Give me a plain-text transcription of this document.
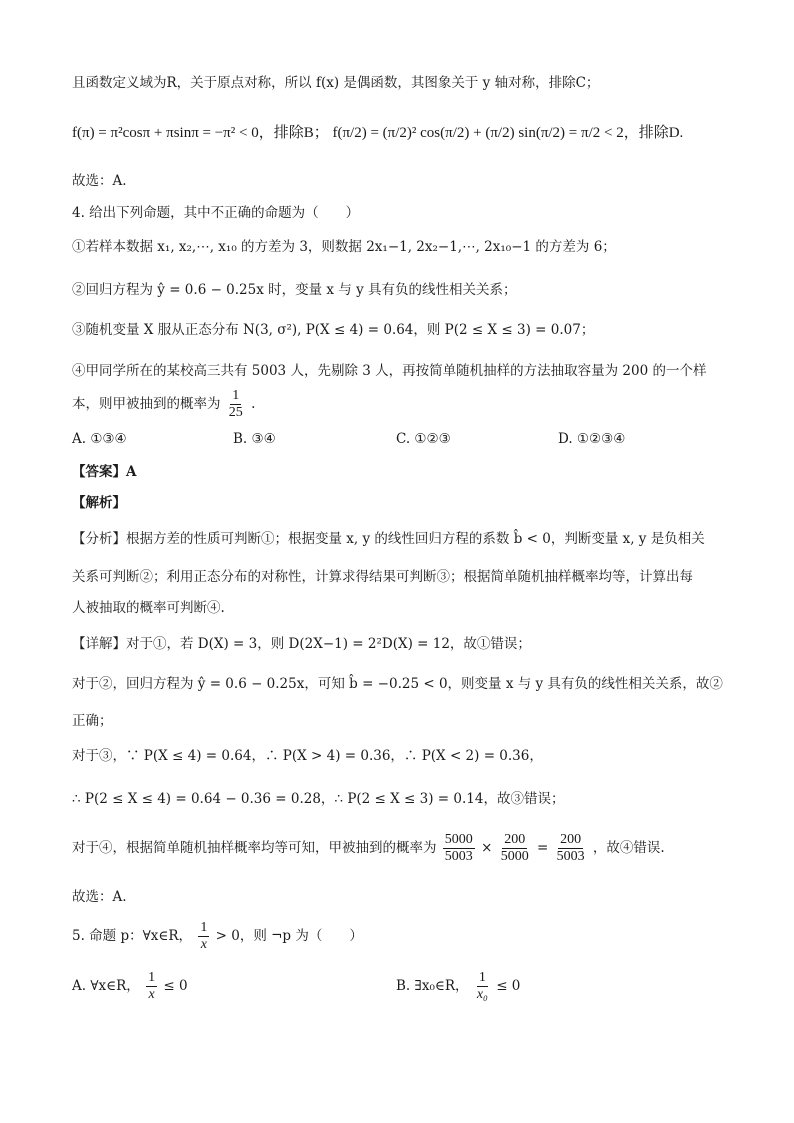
且函数定义域为R，关于原点对称，所以 f(x) 是偶函数，其图象关于 y 轴对称，排除C；
f(π) = π²cosπ + πsinπ = −π² < 0，排除B； f(π/2) = (π/2)² cos(π/2) + (π/2) sin(π/2) = π/2 < 2，排除D.
故选：A.
4. 给出下列命题，其中不正确的命题为（　　）
①若样本数据 x₁, x₂,⋯, x₁₀ 的方差为 3，则数据 2x₁−1, 2x₂−1,⋯, 2x₁₀−1 的方差为 6；
②回归方程为 ŷ = 0.6 − 0.25x 时，变量 x 与 y 具有负的线性相关关系；
③随机变量 X 服从正态分布 N(3, σ²), P(X ≤ 4) = 0.64，则 P(2 ≤ X ≤ 3) = 0.07；
④甲同学所在的某校高三共有 5003 人，先剔除 3 人，再按简单随机抽样的方法抽取容量为 200 的一个样
本，则甲被抽到的概率为 $\frac{1}{25}$ .
A. ①③④	B. ③④	C. ①②③	D. ①②③④
【答案】A
【解析】
【分析】根据方差的性质可判断①；根据变量 x, y 的线性回归方程的系数 b̂ < 0，判断变量 x, y 是负相关
关系可判断②；利用正态分布的对称性，计算求得结果可判断③；根据简单随机抽样概率均等，计算出每
人被抽取的概率可判断④.
【详解】对于①，若 D(X) = 3，则 D(2X−1) = 2²D(X) = 12，故①错误；
对于②，回归方程为 ŷ = 0.6 − 0.25x，可知 b̂ = −0.25 < 0，则变量 x 与 y 具有负的线性相关关系，故②
正确；
对于③，∵ P(X ≤ 4) = 0.64，∴ P(X > 4) = 0.36，∴ P(X < 2) = 0.36，
∴ P(2 ≤ X ≤ 4) = 0.64 − 0.36 = 0.28，∴ P(2 ≤ X ≤ 3) = 0.14，故③错误；
对于④，根据简单随机抽样概率均等可知，甲被抽到的概率为 $\frac{5000}{5003} \times \frac{200}{5000} = \frac{200}{5003}$ ，故④错误.
故选：A.
5. 命题 p：∀x∈R， $\frac{1}{x} > 0$，则 ¬p 为（　　）
A. ∀x∈R， $\frac{1}{x} \le 0$	B. ∃x₀∈R， $\frac{1}{\text{x₀}} \le 0$
